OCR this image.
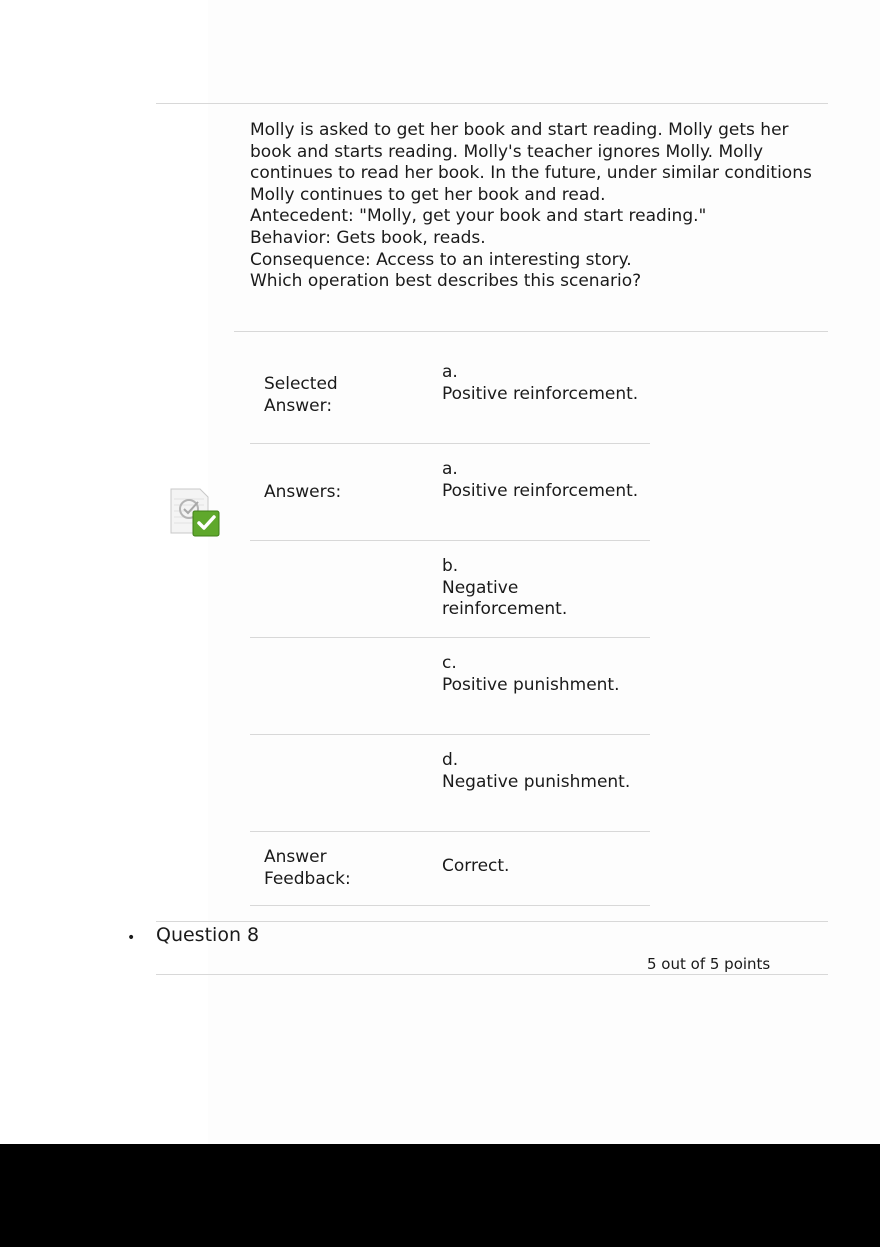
Molly is asked to get her book and start reading. Molly gets her book and starts reading. Molly's teacher ignores Molly. Molly continues to read her book. In the future, under similar conditions Molly continues to get her book and read.

Antecedent: "Molly, get your book and start reading."

Behavior: Gets book, reads.

Consequence: Access to an interesting story.

Which operation best describes this scenario?

Selected Answer:
a.
Positive reinforcement.
Answers:
a.
Positive reinforcement.
b.
Negative reinforcement.
c.
Positive punishment.
d.
Negative punishment.
Answer Feedback:
Correct.
• Question 8
5 out of 5 points
